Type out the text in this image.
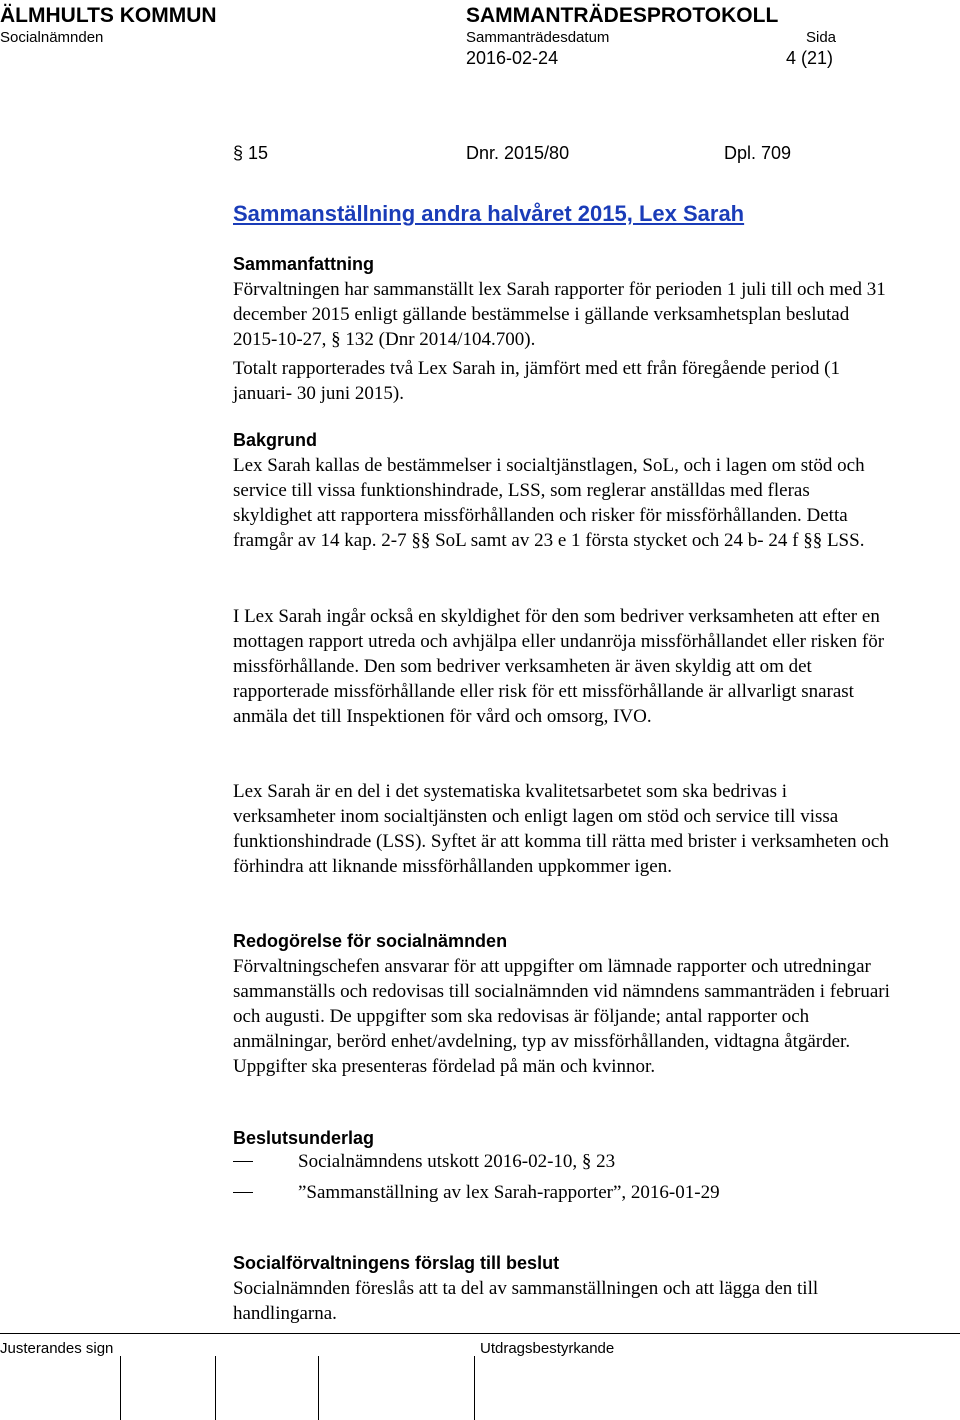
ÄLMHULTS KOMMUN	SAMMANTRÄDESPROTOKOLL
Socialnämnden	Sammanträdesdatum	Sida
2016-02-24	4 (21)
§ 15	Dnr. 2015/80	Dpl. 709
Sammanställning andra halvåret 2015, Lex Sarah
Sammanfattning

Förvaltningen har sammanställt lex Sarah rapporter för perioden 1 juli till och med 31 december 2015 enligt gällande bestämmelse i gällande verksamhetsplan beslutad 2015-10-27, § 132 (Dnr 2014/104.700).

Totalt rapporterades två Lex Sarah in, jämfört med ett från föregående period (1 januari- 30 juni 2015).

Bakgrund

Lex Sarah kallas de bestämmelser i socialtjänstlagen, SoL, och i lagen om stöd och service till vissa funktionshindrade, LSS, som reglerar anställdas med fleras skyldighet att rapportera missförhållanden och risker för missförhållanden. Detta framgår av 14 kap. 2-7 §§ SoL samt av 23 e 1 första stycket och 24 b- 24 f §§ LSS.

I Lex Sarah ingår också en skyldighet för den som bedriver verksamheten att efter en mottagen rapport utreda och avhjälpa eller undanröja missförhållandet eller risken för missförhållande. Den som bedriver verksamheten är även skyldig att om det rapporterade missförhållande eller risk för ett missförhållande är allvarligt snarast anmäla det till Inspektionen för vård och omsorg, IVO.

Lex Sarah är en del i det systematiska kvalitetsarbetet som ska bedrivas i verksamheter inom socialtjänsten och enligt lagen om stöd och service till vissa funktionshindrade (LSS). Syftet är att komma till rätta med brister i verksamheten och förhindra att liknande missförhållanden uppkommer igen.

Redogörelse för socialnämnden

Förvaltningschefen ansvarar för att uppgifter om lämnade rapporter och utredningar sammanställs och redovisas till socialnämnden vid nämndens sammanträden i februari och augusti. De uppgifter som ska redovisas är följande; antal rapporter och anmälningar, berörd enhet/avdelning, typ av missförhållanden, vidtagna åtgärder. Uppgifter ska presenteras fördelad på män och kvinnor.

Beslutsunderlag
Socialnämndens utskott 2016-02-10, § 23
”Sammanställning av lex Sarah-rapporter”, 2016-01-29
Socialförvaltningens förslag till beslut

Socialnämnden föreslås att ta del av sammanställningen och att lägga den till handlingarna.

Justerandes sign	Utdragsbestyrkande
